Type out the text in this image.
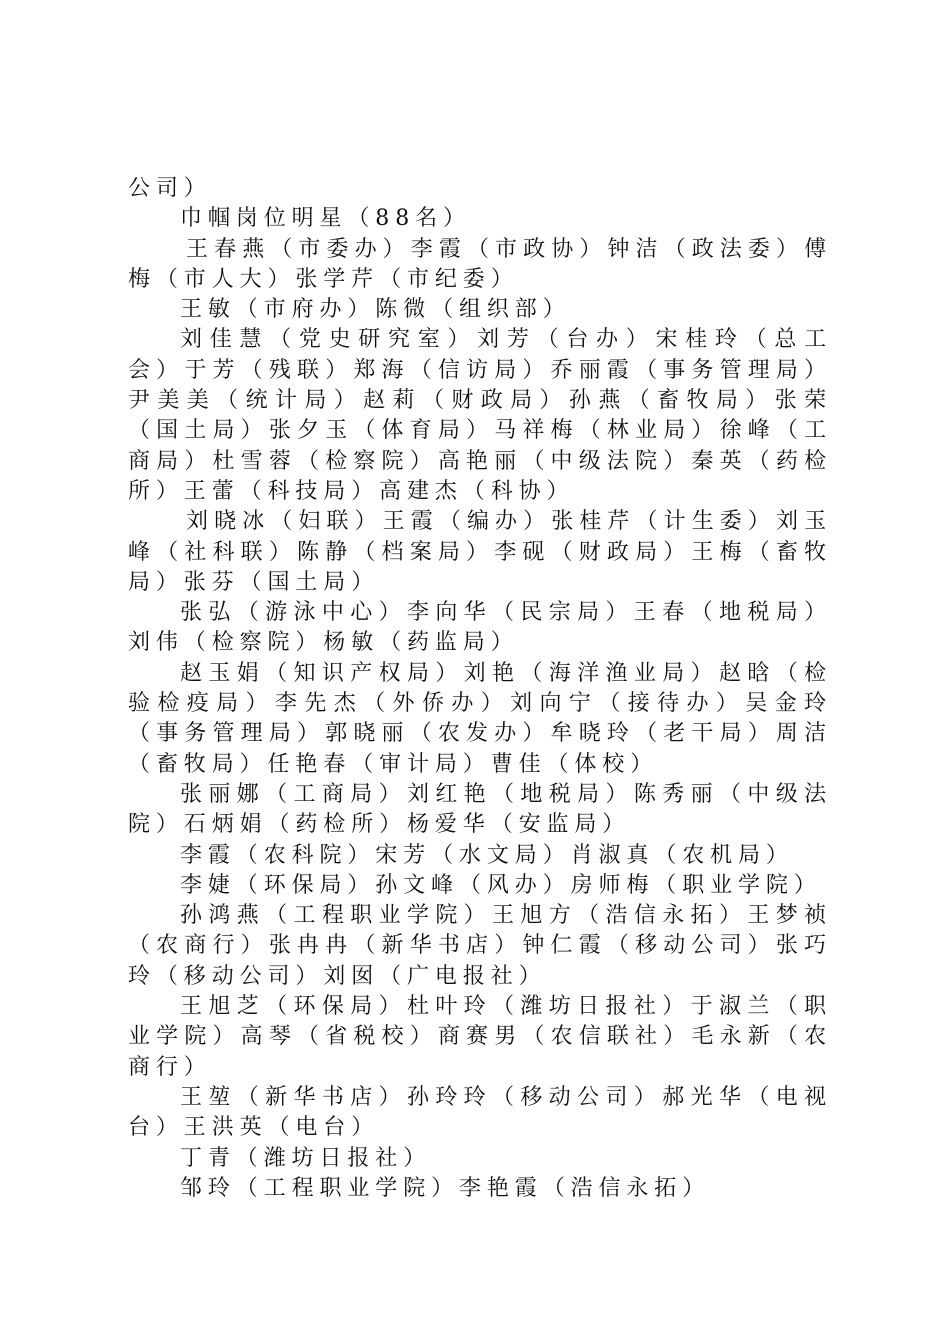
公司）

巾帼岗位明星（88名）

王春燕（市委办）李霞（市政协）钟洁（政法委）傅梅（市人大）张学芹（市纪委）

王敏（市府办）陈微（组织部）

刘佳慧（党史研究室）刘芳（台办）宋桂玲（总工会）于芳（残联）郑海（信访局）乔丽霞（事务管理局）尹美美（统计局）赵莉（财政局）孙燕（畜牧局）张荣（国土局）张夕玉（体育局）马祥梅（林业局）徐峰（工商局）杜雪蓉（检察院）高艳丽（中级法院）秦英（药检所）王蕾（科技局）高建杰（科协）

刘晓冰（妇联）王霞（编办）张桂芹（计生委）刘玉峰（社科联）陈静（档案局）李砚（财政局）王梅（畜牧局）张芬（国土局）

张弘（游泳中心）李向华（民宗局）王春（地税局）刘伟（检察院）杨敏（药监局）

赵玉娟（知识产权局）刘艳（海洋渔业局）赵晗（检验检疫局）李先杰（外侨办）刘向宁（接待办）吴金玲（事务管理局）郭晓丽（农发办）牟晓玲（老干局）周洁（畜牧局）任艳春（审计局）曹佳（体校）

张丽娜（工商局）刘红艳（地税局）陈秀丽（中级法院）石炳娟（药检所）杨爱华（安监局）

李霞（农科院）宋芳（水文局）肖淑真（农机局）

李婕（环保局）孙文峰（风办）房师梅（职业学院）

孙鸿燕（工程职业学院）王旭方（浩信永拓）王梦祯（农商行）张冉冉（新华书店）钟仁霞（移动公司）张巧玲（移动公司）刘囡（广电报社）

王旭芝（环保局）杜叶玲（潍坊日报社）于淑兰（职业学院）高琴（省税校）商赛男（农信联社）毛永新（农商行）

王堃（新华书店）孙玲玲（移动公司）郝光华（电视台）王洪英（电台）

丁青（潍坊日报社）

邹玲（工程职业学院）李艳霞（浩信永拓）
